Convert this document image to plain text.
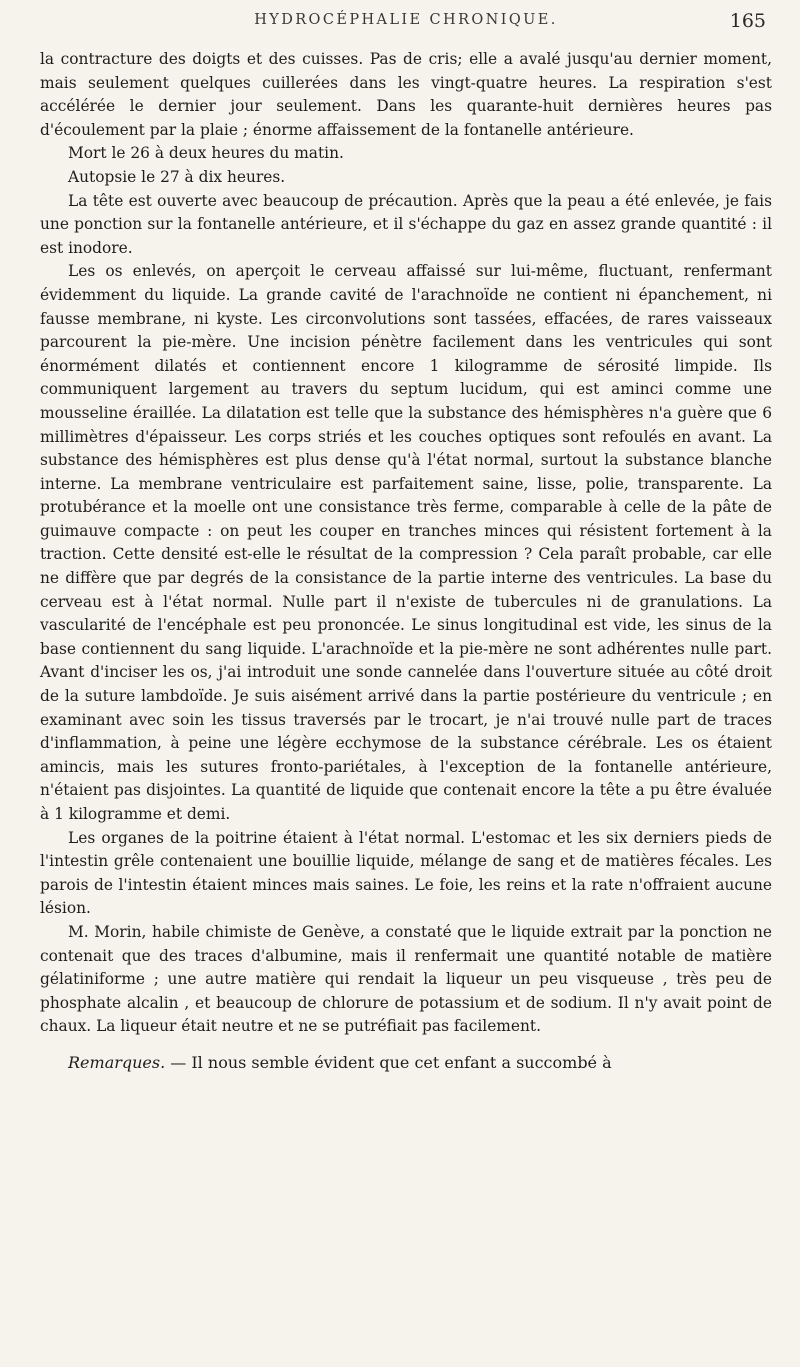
HYDROCÉPHALIE CHRONIQUE.	165

la contracture des doigts et des cuisses. Pas de cris; elle a avalé jusqu'au dernier moment, mais seulement quelques cuillerées dans les vingt-quatre heures. La respiration s'est accélérée le dernier jour seulement. Dans les quarante-huit dernières heures pas d'écoulement par la plaie ; énorme affaissement de la fontanelle antérieure.

Mort le 26 à deux heures du matin.

Autopsie le 27 à dix heures.

La tête est ouverte avec beaucoup de précaution. Après que la peau a été enlevée, je fais une ponction sur la fontanelle antérieure, et il s'échappe du gaz en assez grande quantité : il est inodore.

Les os enlevés, on aperçoit le cerveau affaissé sur lui-même, fluctuant, renfermant évidemment du liquide. La grande cavité de l'arachnoïde ne contient ni épanchement, ni fausse membrane, ni kyste. Les circonvolutions sont tassées, effacées, de rares vaisseaux parcourent la pie-mère. Une incision pénètre facilement dans les ventricules qui sont énormément dilatés et contiennent encore 1 kilogramme de sérosité limpide. Ils communiquent largement au travers du septum lucidum, qui est aminci comme une mousseline éraillée. La dilatation est telle que la substance des hémisphères n'a guère que 6 millimètres d'épaisseur. Les corps striés et les couches optiques sont refoulés en avant. La substance des hémisphères est plus dense qu'à l'état normal, surtout la substance blanche interne. La membrane ventriculaire est parfaitement saine, lisse, polie, transparente. La protubérance et la moelle ont une consistance très ferme, comparable à celle de la pâte de guimauve compacte : on peut les couper en tranches minces qui résistent fortement à la traction. Cette densité est-elle le résultat de la compression ? Cela paraît probable, car elle ne diffère que par degrés de la consistance de la partie interne des ventricules. La base du cerveau est à l'état normal. Nulle part il n'existe de tubercules ni de granulations. La vascularité de l'encéphale est peu prononcée. Le sinus longitudinal est vide, les sinus de la base contiennent du sang liquide. L'arachnoïde et la pie-mère ne sont adhérentes nulle part. Avant d'inciser les os, j'ai introduit une sonde cannelée dans l'ouverture située au côté droit de la suture lambdoïde. Je suis aisément arrivé dans la partie postérieure du ventricule ; en examinant avec soin les tissus traversés par le trocart, je n'ai trouvé nulle part de traces d'inflammation, à peine une légère ecchymose de la substance cérébrale. Les os étaient amincis, mais les sutures fronto-pariétales, à l'exception de la fontanelle antérieure, n'étaient pas disjointes. La quantité de liquide que contenait encore la tête a pu être évaluée à 1 kilogramme et demi.

Les organes de la poitrine étaient à l'état normal. L'estomac et les six derniers pieds de l'intestin grêle contenaient une bouillie liquide, mélange de sang et de matières fécales. Les parois de l'intestin étaient minces mais saines. Le foie, les reins et la rate n'offraient aucune lésion.

M. Morin, habile chimiste de Genève, a constaté que le liquide extrait par la ponction ne contenait que des traces d'albumine, mais il renfermait une quantité notable de matière gélatiniforme ; une autre matière qui rendait la liqueur un peu visqueuse , très peu de phosphate alcalin , et beaucoup de chlorure de potassium et de sodium. Il n'y avait point de chaux. La liqueur était neutre et ne se putréfiait pas facilement.

Remarques. — Il nous semble évident que cet enfant a succombé à
